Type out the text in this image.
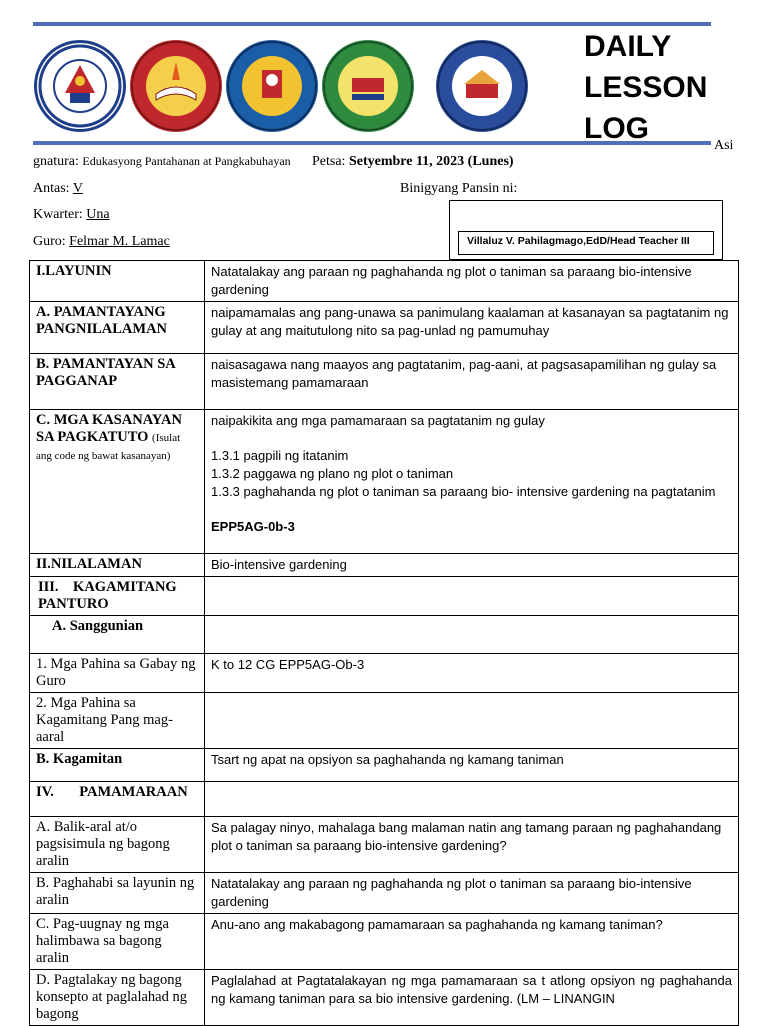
DAILY
LESSON
LOG
Asi
gnatura: Edukasyong Pantahanan at Pangkabuhayan Petsa: Setyembre 11, 2023 (Lunes)
Antas: V	Binigyang Pansin ni:
Kwarter: Una
Guro: Felmar M. Lamac	Villaluz V. Pahilagmago,EdD/Head Teacher III
I.LAYUNIN	Natatalakay ang paraan ng paghahanda ng plot o taniman sa paraang bio-intensive gardening
A. PAMANTAYANG PANGNILALAMAN	naipamamalas ang pang-unawa sa panimulang kaalaman at kasanayan sa pagtatanim ng gulay at ang maitutulong nito sa pag-unlad ng pamumuhay
B. PAMANTAYAN SA PAGGANAP	naisasagawa nang maayos ang pagtatanim, pag-aani, at pagsasapamilihan ng gulay sa masistemang pamamaraan
C. MGA KASANAYAN SA PAGKATUTO (Isulat ang code ng bawat kasanayan)	naipakikita ang mga pamamaraan sa pagtatanim ng gulay
1.3.1 pagpili ng itatanim
1.3.2 paggawa ng plano ng plot o taniman
1.3.3 paghahanda ng plot o taniman sa paraang bio- intensive gardening na pagtatanim
EPP5AG-0b-3

II.NILALAMAN	Bio-intensive gardening
III.    KAGAMITANG PANTURO	
A. Sanggunian	
1. Mga Pahina sa Gabay ng Guro	K to 12 CG EPP5AG-Ob-3
2. Mga Pahina sa Kagamitang Pang mag-aaral	
B. Kagamitan	Tsart ng apat na opsiyon sa paghahanda ng kamang taniman
IV.       PAMAMARAAN	
A. Balik-aral at/o pagsisimula ng bagong aralin	Sa palagay ninyo, mahalaga bang malaman natin ang tamang paraan ng paghahandang plot o taniman sa paraang bio-intensive gardening?
B. Paghahabi sa layunin ng aralin	Natatalakay ang paraan ng paghahanda ng plot o taniman sa paraang bio-intensive gardening
C. Pag-uugnay ng mga halimbawa sa bagong aralin	Anu-ano ang makabagong pamamaraan sa paghahanda ng kamang taniman?
D. Pagtalakay ng bagong konsepto at paglalahad ng bagong	Paglalahad at Pagtatalakayan ng mga pamamaraan sa t atlong opsiyon ng paghahanda ng kamang taniman para sa bio intensive gardening. (LM – LINANGIN
